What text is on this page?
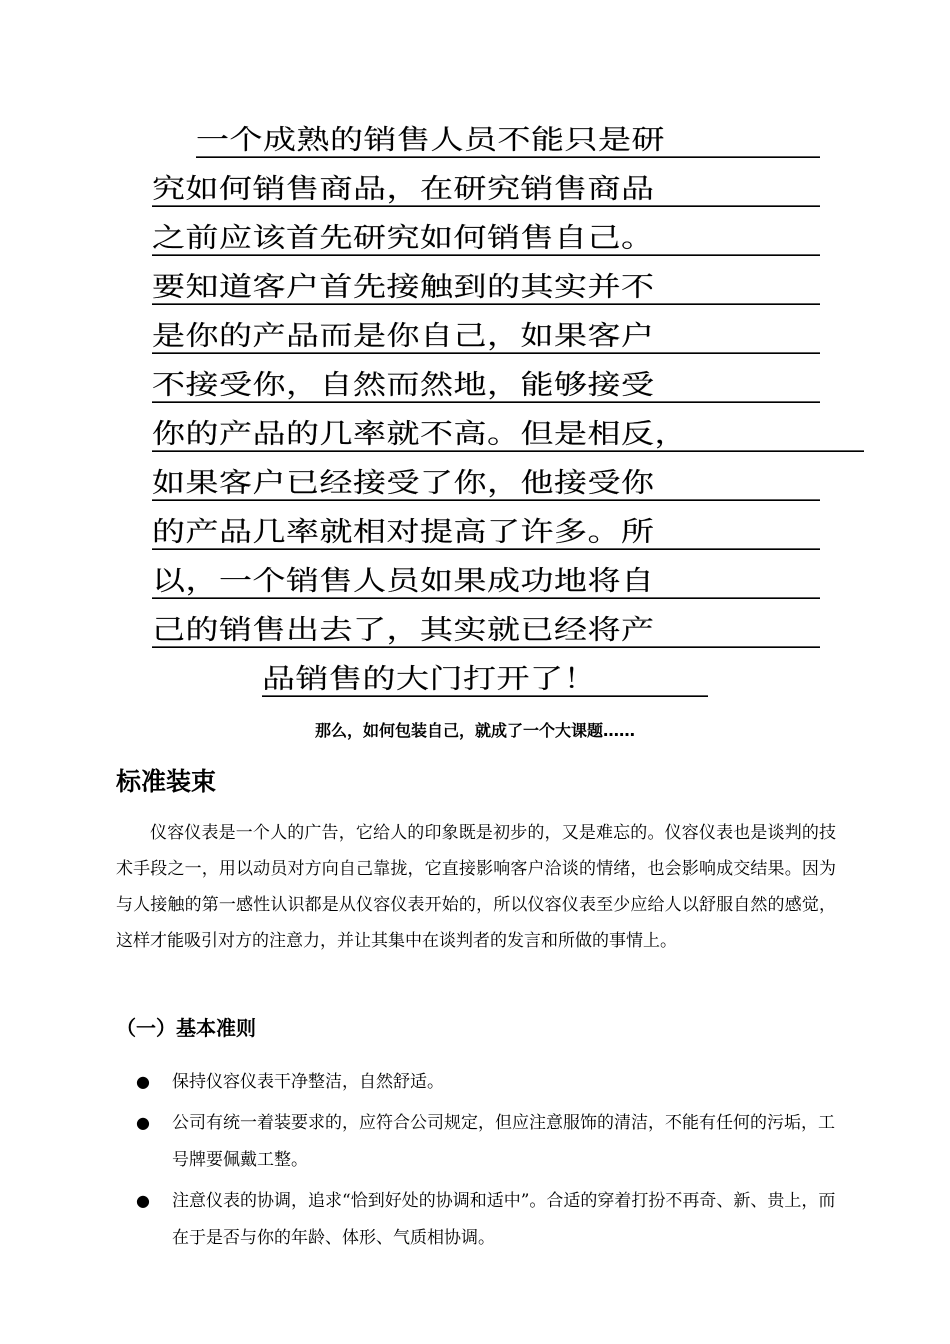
一个成熟的销售人员不能只是研
究如何销售商品，在研究销售商品
之前应该首先研究如何销售自己。
要知道客户首先接触到的其实并不
是你的产品而是你自己，如果客户
不接受你，自然而然地，能够接受
你的产品的几率就不高。但是相反，
如果客户已经接受了你，他接受你
的产品几率就相对提高了许多。所
以，一个销售人员如果成功地将自
己的销售出去了，其实就已经将产
品销售的大门打开了！
那么，如何包装自己，就成了一个大课题……
标准装束
仪容仪表是一个人的广告，它给人的印象既是初步的，又是难忘的。仪容仪表也是谈判的技术手段之一，用以动员对方向自己靠拢，它直接影响客户洽谈的情绪，也会影响成交结果。因为与人接触的第一感性认识都是从仪容仪表开始的，所以仪容仪表至少应给人以舒服自然的感觉，这样才能吸引对方的注意力，并让其集中在谈判者的发言和所做的事情上。
（一）基本准则
● 保持仪容仪表干净整洁，自然舒适。
● 公司有统一着装要求的，应符合公司规定，但应注意服饰的清洁，不能有任何的污垢，工号牌要佩戴工整。
● 注意仪表的协调，追求“恰到好处的协调和适中”。合适的穿着打扮不再奇、新、贵上，而在于是否与你的年龄、体形、气质相协调。
